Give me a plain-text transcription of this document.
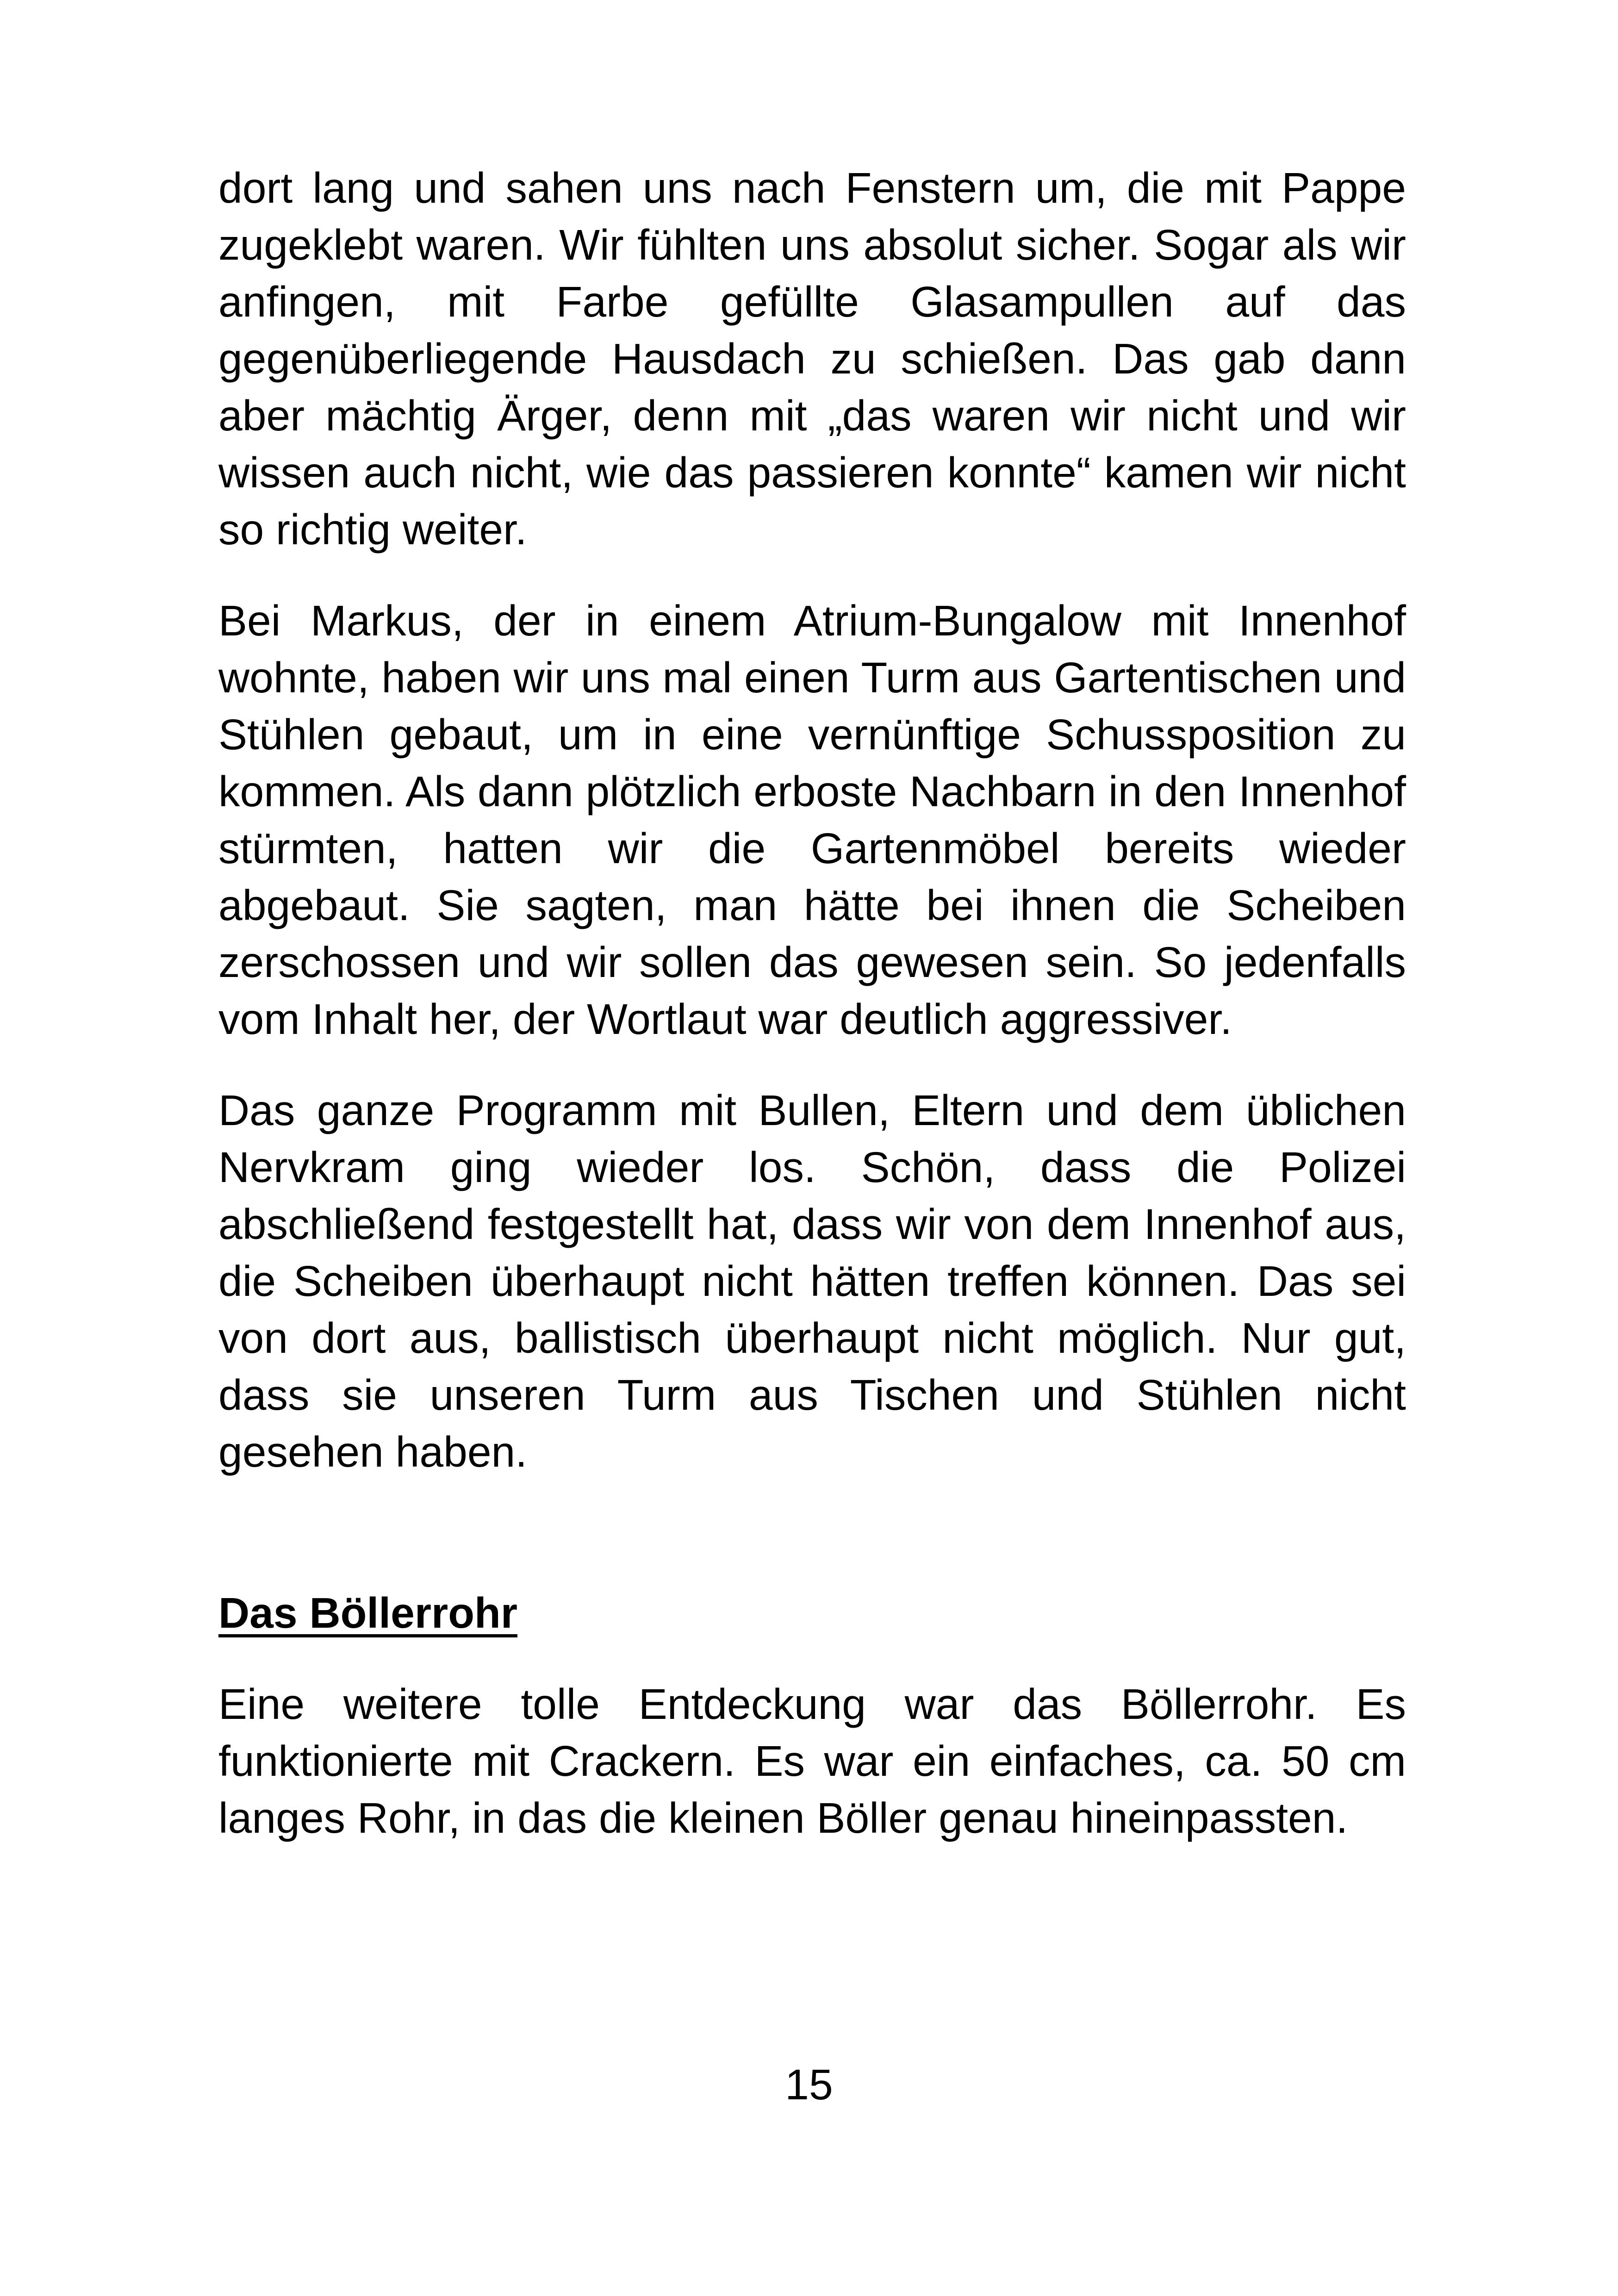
dort lang und sahen uns nach Fenstern um, die mit Pappe zugeklebt waren. Wir fühlten uns absolut sicher. Sogar als wir anfingen, mit Farbe gefüllte Glasampullen auf das gegenüberliegende Hausdach zu schießen. Das gab dann aber mächtig Ärger, denn mit „das waren wir nicht und wir wissen auch nicht, wie das passieren konnte“ kamen wir nicht so richtig weiter.

Bei Markus, der in einem Atrium-Bungalow mit Innenhof wohnte, haben wir uns mal einen Turm aus Gartentischen und Stühlen gebaut, um in eine vernünftige Schussposition zu kommen. Als dann plötzlich erboste Nachbarn in den Innenhof stürmten, hatten wir die Gartenmöbel bereits wieder abgebaut. Sie sagten, man hätte bei ihnen die Scheiben zerschossen und wir sollen das gewesen sein. So jedenfalls vom Inhalt her, der Wortlaut war deutlich aggressiver.

Das ganze Programm mit Bullen, Eltern und dem üblichen Nervkram ging wieder los. Schön, dass die Polizei abschließend festgestellt hat, dass wir von dem Innenhof aus, die Scheiben überhaupt nicht hätten treffen können. Das sei von dort aus, ballistisch überhaupt nicht möglich. Nur gut, dass sie unseren Turm aus Tischen und Stühlen nicht gesehen haben.

Das Böllerrohr

Eine weitere tolle Entdeckung war das Böllerrohr. Es funktionierte mit Crackern. Es war ein einfaches, ca. 50 cm langes Rohr, in das die kleinen Böller genau hineinpassten.

15
